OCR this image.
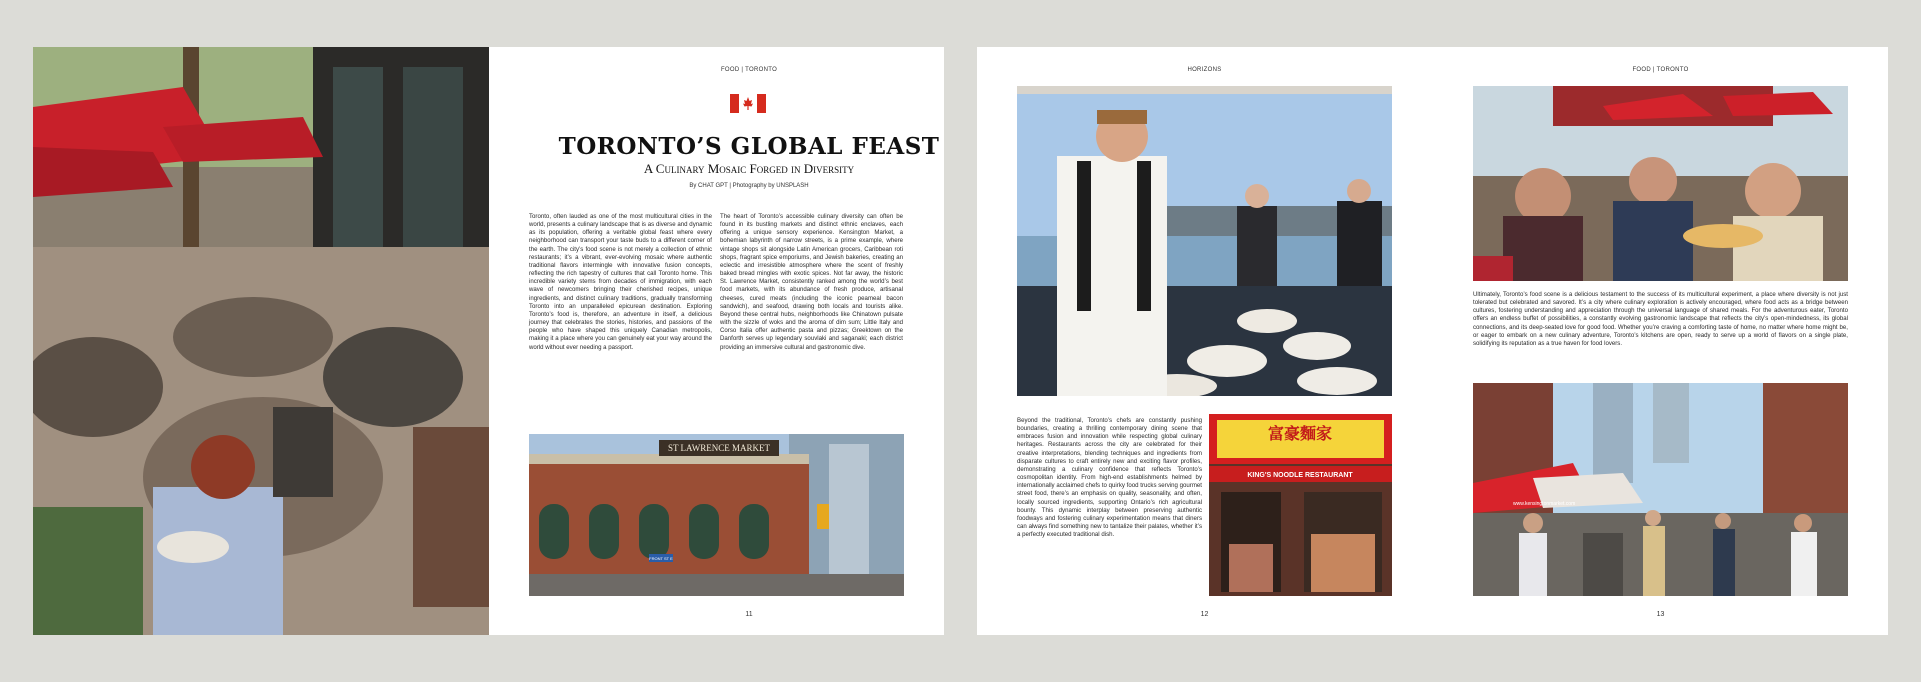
FOOD | TORONTO
TORONTO’S GLOBAL FEAST
A Culinary Mosaic Forged in Diversity
By CHAT GPT | Photography by UNSPLASH
Toronto, often lauded as one of the most multicultural cities in the world, presents a culinary landscape that is as diverse and dynamic as its population, offering a veritable global feast where every neighborhood can transport your taste buds to a different corner of the earth. The city’s food scene is not merely a collection of ethnic restaurants; it’s a vibrant, ever-evolving mosaic where authentic traditional flavors intermingle with innovative fusion concepts, reflecting the rich tapestry of cultures that call Toronto home. This incredible variety stems from decades of immigration, with each wave of newcomers bringing their cherished recipes, unique ingredients, and distinct culinary traditions, gradually transforming Toronto into an unparalleled epicurean destination. Exploring Toronto’s food is, therefore, an adventure in itself, a delicious journey that celebrates the stories, histories, and passions of the people who have shaped this uniquely Canadian metropolis, making it a place where you can genuinely eat your way around the world without ever needing a passport.
The heart of Toronto’s accessible culinary diversity can often be found in its bustling markets and distinct ethnic enclaves, each offering a unique sensory experience. Kensington Market, a bohemian labyrinth of narrow streets, is a prime example, where vintage shops sit alongside Latin American grocers, Caribbean roti shops, fragrant spice emporiums, and Jewish bakeries, creating an eclectic and irresistible atmosphere where the scent of freshly baked bread mingles with exotic spices. Not far away, the historic St. Lawrence Market, consistently ranked among the world’s best food markets, with its abundance of fresh produce, artisanal cheeses, cured meats (including the iconic peameal bacon sandwich), and seafood, drawing both locals and tourists alike. Beyond these central hubs, neighborhoods like Chinatown pulsate with the sizzle of woks and the aroma of dim sum; Little Italy and Corso Italia offer authentic pasta and pizzas; Greektown on the Danforth serves up legendary souvlaki and saganaki; each district providing an immersive cultural and gastronomic dive.
ST LAWRENCE MARKET
FRONT ST E
11
HORIZONS	FOOD | TORONTO
Beyond the traditional, Toronto’s chefs are constantly pushing boundaries, creating a thrilling contemporary dining scene that embraces fusion and innovation while respecting global culinary heritages. Restaurants across the city are celebrated for their creative interpretations, blending techniques and ingredients from disparate cultures to craft entirely new and exciting flavor profiles, demonstrating a culinary confidence that reflects Toronto’s cosmopolitan identity. From high-end establishments helmed by internationally acclaimed chefs to quirky food trucks serving gourmet street food, there’s an emphasis on quality, seasonality, and often, locally sourced ingredients, supporting Ontario’s rich agricultural bounty. This dynamic interplay between preserving authentic foodways and fostering culinary experimentation means that diners can always find something new to tantalize their palates, whether it’s a perfectly executed traditional dish.
富豪麵家
KING'S NOODLE RESTAURANT
Ultimately, Toronto’s food scene is a delicious testament to the success of its multicultural experiment, a place where diversity is not just tolerated but celebrated and savored. It’s a city where culinary exploration is actively encouraged, where food acts as a bridge between cultures, fostering understanding and appreciation through the universal language of shared meals. For the adventurous eater, Toronto offers an endless buffet of possibilities, a constantly evolving gastronomic landscape that reflects the city’s open-mindedness, its global connections, and its deep-seated love for good food. Whether you’re craving a comforting taste of home, no matter where home might be, or eager to embark on a new culinary adventure, Toronto’s kitchens are open, ready to serve up a world of flavors on a single plate, solidifying its reputation as a true haven for food lovers.
www.kensingtonmarket.com
12	13
